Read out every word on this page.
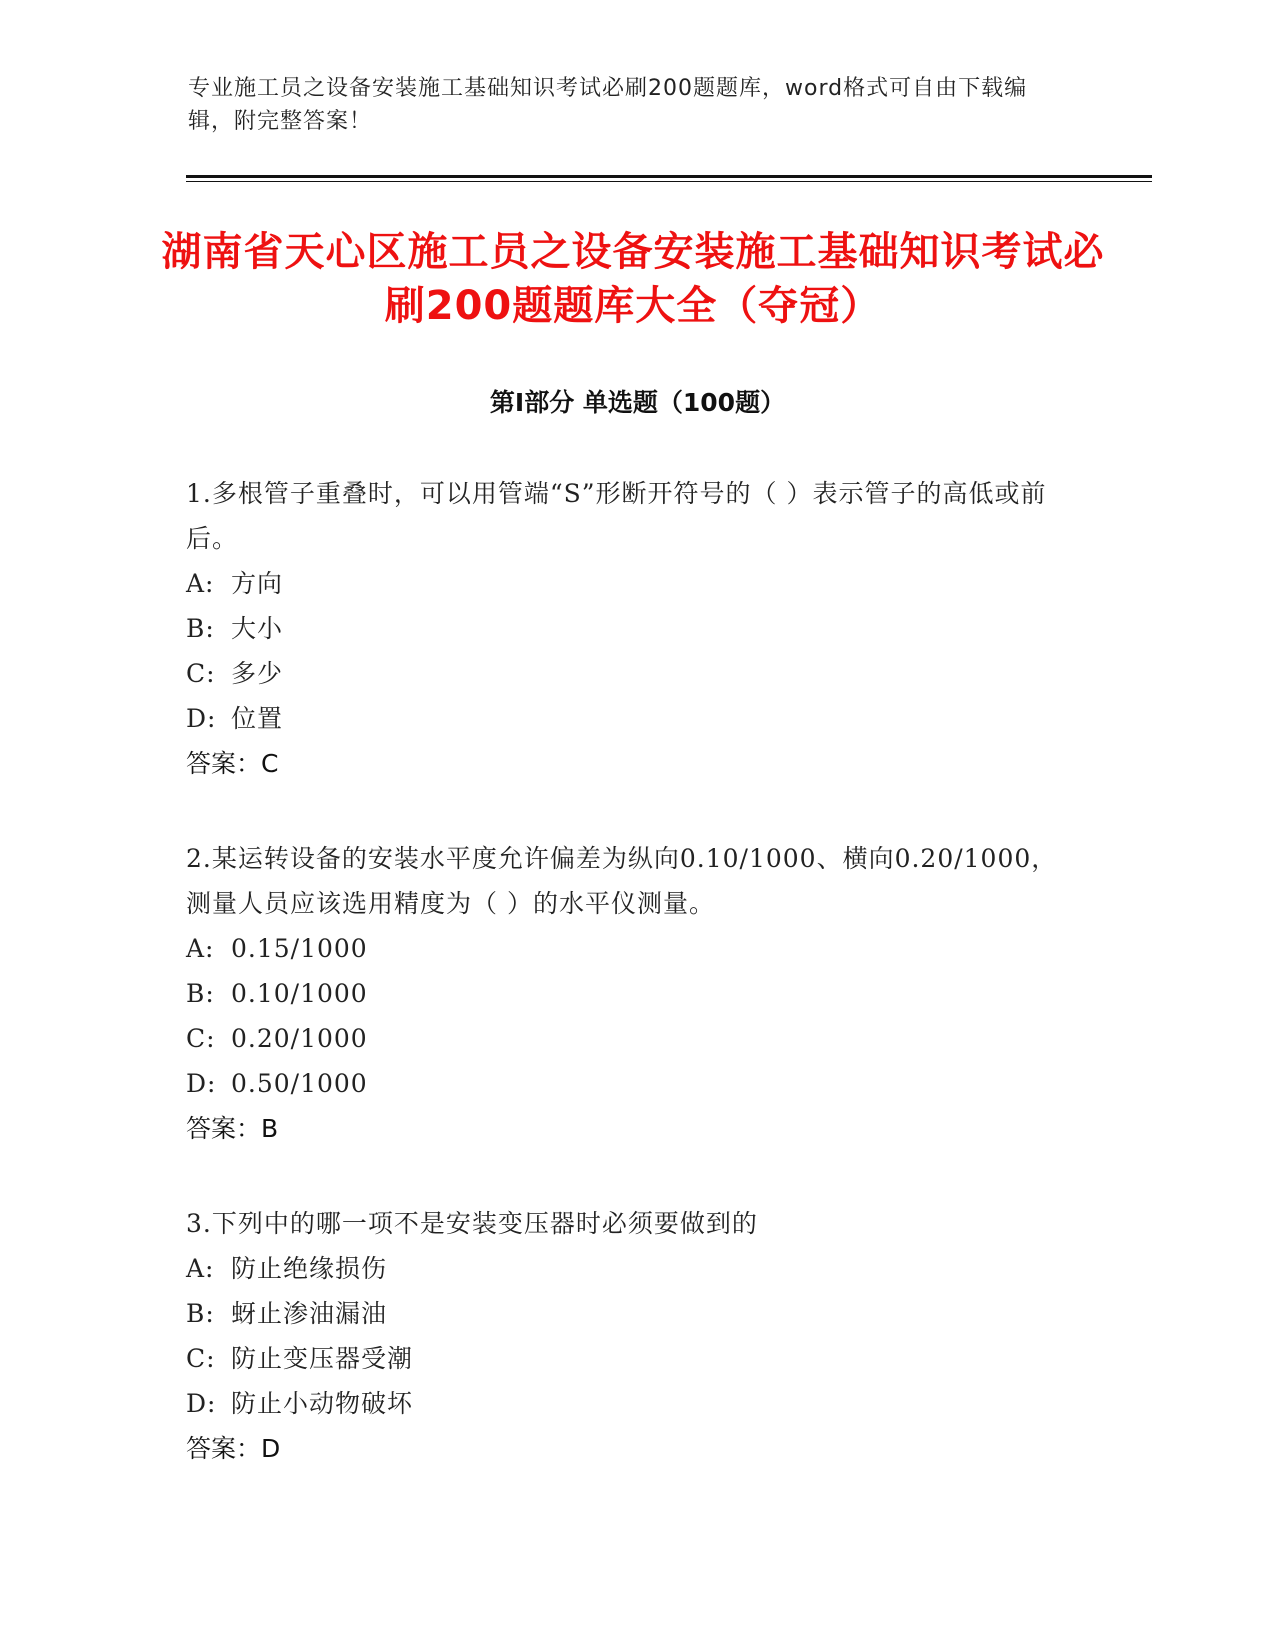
专业施工员之设备安装施工基础知识考试必刷200题题库，word格式可自由下载编辑，附完整答案！
湖南省天心区施工员之设备安装施工基础知识考试必刷200题题库大全（夺冠）
第I部分 单选题（100题）
1.多根管子重叠时，可以用管端“S”形断开符号的（ ）表示管子的高低或前后。
A: 方向
B: 大小
C: 多少
D: 位置
答案：C
2.某运转设备的安装水平度允许偏差为纵向0.10/1000、横向0.20/1000，测量人员应该选用精度为（ ）的水平仪测量。
A: 0.15/1000
B: 0.10/1000
C: 0.20/1000
D: 0.50/1000
答案：B
3.下列中的哪一项不是安装变压器时必须要做到的
A: 防止绝缘损伤
B: 蚜止渗油漏油
C: 防止变压器受潮
D: 防止小动物破坏
答案：D
